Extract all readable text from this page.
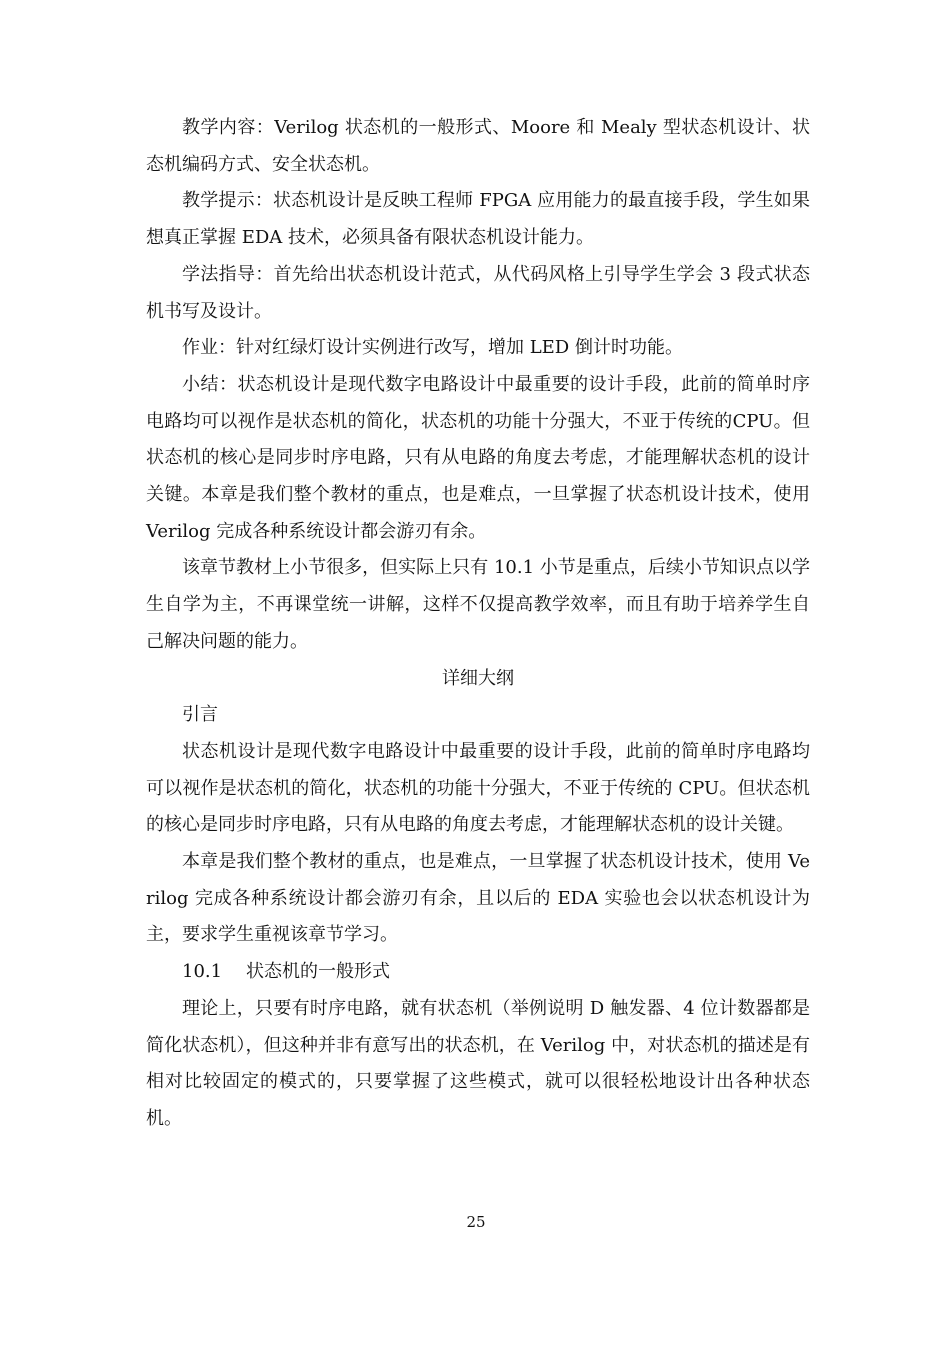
教学内容：Verilog 状态机的一般形式、Moore 和 Mealy 型状态机设计、状态机编码方式、安全状态机。

教学提示：状态机设计是反映工程师 FPGA 应用能力的最直接手段，学生如果想真正掌握 EDA 技术，必须具备有限状态机设计能力。

学法指导：首先给出状态机设计范式，从代码风格上引导学生学会 3 段式状态机书写及设计。

作业：针对红绿灯设计实例进行改写，增加 LED 倒计时功能。

小结：状态机设计是现代数字电路设计中最重要的设计手段，此前的简单时序电路均可以视作是状态机的简化，状态机的功能十分强大，不亚于传统的CPU。但状态机的核心是同步时序电路，只有从电路的角度去考虑，才能理解状态机的设计关键。本章是我们整个教材的重点，也是难点，一旦掌握了状态机设计技术，使用 Verilog 完成各种系统设计都会游刃有余。

该章节教材上小节很多，但实际上只有 10.1 小节是重点，后续小节知识点以学生自学为主，不再课堂统一讲解，这样不仅提高教学效率，而且有助于培养学生自己解决问题的能力。

详细大纲

引言

状态机设计是现代数字电路设计中最重要的设计手段，此前的简单时序电路均可以视作是状态机的简化，状态机的功能十分强大，不亚于传统的 CPU。但状态机的核心是同步时序电路，只有从电路的角度去考虑，才能理解状态机的设计关键。

本章是我们整个教材的重点，也是难点，一旦掌握了状态机设计技术，使用 Verilog 完成各种系统设计都会游刃有余，且以后的 EDA 实验也会以状态机设计为主，要求学生重视该章节学习。

10.1 状态机的一般形式

理论上，只要有时序电路，就有状态机（举例说明 D 触发器、4 位计数器都是简化状态机），但这种并非有意写出的状态机，在 Verilog 中，对状态机的描述是有相对比较固定的模式的，只要掌握了这些模式，就可以很轻松地设计出各种状态机。

25
